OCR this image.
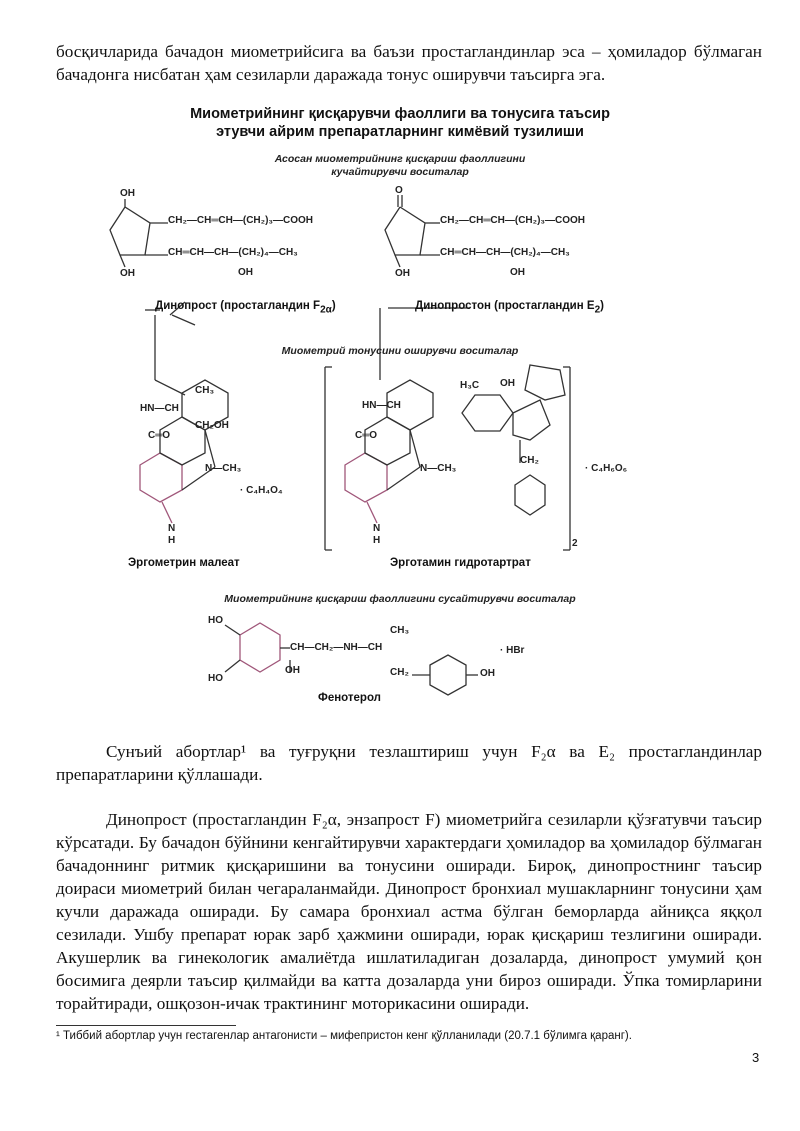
босқичларида бачадон миометрийсига ва баъзи простагландинлар эса – ҳомиладор бўлмаган бачадонга нисбатан ҳам сезиларли даражада тонус оширувчи таъсирга эга.
Миометрийнинг қисқарувчи фаоллиги ва тонусига таъсир
этувчи айрим препаратларнинг кимёвий тузилиши
Асосан миометрийнинг қисқариш фаоллигини
кучайтирувчи воситалар
OH
CH₂—CH═CH—(CH₂)₃—COOH
CH═CH—CH—(CH₂)₄—CH₃
OH
OH
Динопрост (простагландин $F_{2\alpha}$)
O
CH₂—CH═CH—(CH₂)₃—COOH
CH═CH—CH—(CH₂)₄—CH₃
OH
OH
Динопростон (простагландин $E_2$)
Миометрий тонусини оширувчи воситалар
CH₃
HN—CH
CH₂OH
C═O
N—CH₃
N
H
· C₄H₄O₄
Эргометрин малеат
H₃C OH
HN—CH
C═O
N—CH₃
CH₂
N
H
· C₄H₆O₆
2
Эрготамин гидротартрат
Миометрийнинг қисқариш фаоллигини сусайтирувчи воситалар
HO
HO
CH—CH₂—NH—CH
OH
CH₃
CH₂	OH
· HBr
Фенотерол
Сунъий абортлар¹ ва туғруқни тезлаштириш учун F₂α ва E₂ простагландинлар препаратларини қўллашади.
Динопрост (простагландин F₂α, энзапрост F) миометрийга сезиларли қўзғатувчи таъсир кўрсатади. Бу бачадон бўйнини кенгайтирувчи характердаги ҳомиладор ва ҳомиладор бўлмаган бачадоннинг ритмик қисқаришини ва тонусини оширади. Бироқ, динопростнинг таъсир доираси миометрий билан чегараланмайди. Динопрост бронхиал мушакларнинг тонусини ҳам кучли даражада оширади. Бу самара бронхиал астма бўлган беморларда айниқса яққол сезилади. Ушбу препарат юрак зарб ҳажмини оширади, юрак қисқариш тезлигини оширади. Акушерлик ва гинекологик амалиётда ишлатиладиган дозаларда, динопрост умумий қон босимига деярли таъсир қилмайди ва катта дозаларда уни бироз оширади. Ўпка томирларини торайтиради, ошқозон-ичак трактининг моторикасини оширади.
¹ Тиббий абортлар учун гестагенлар антагонисти – мифепристон кенг қўлланилади (20.7.1 бўлимга қаранг).
3
